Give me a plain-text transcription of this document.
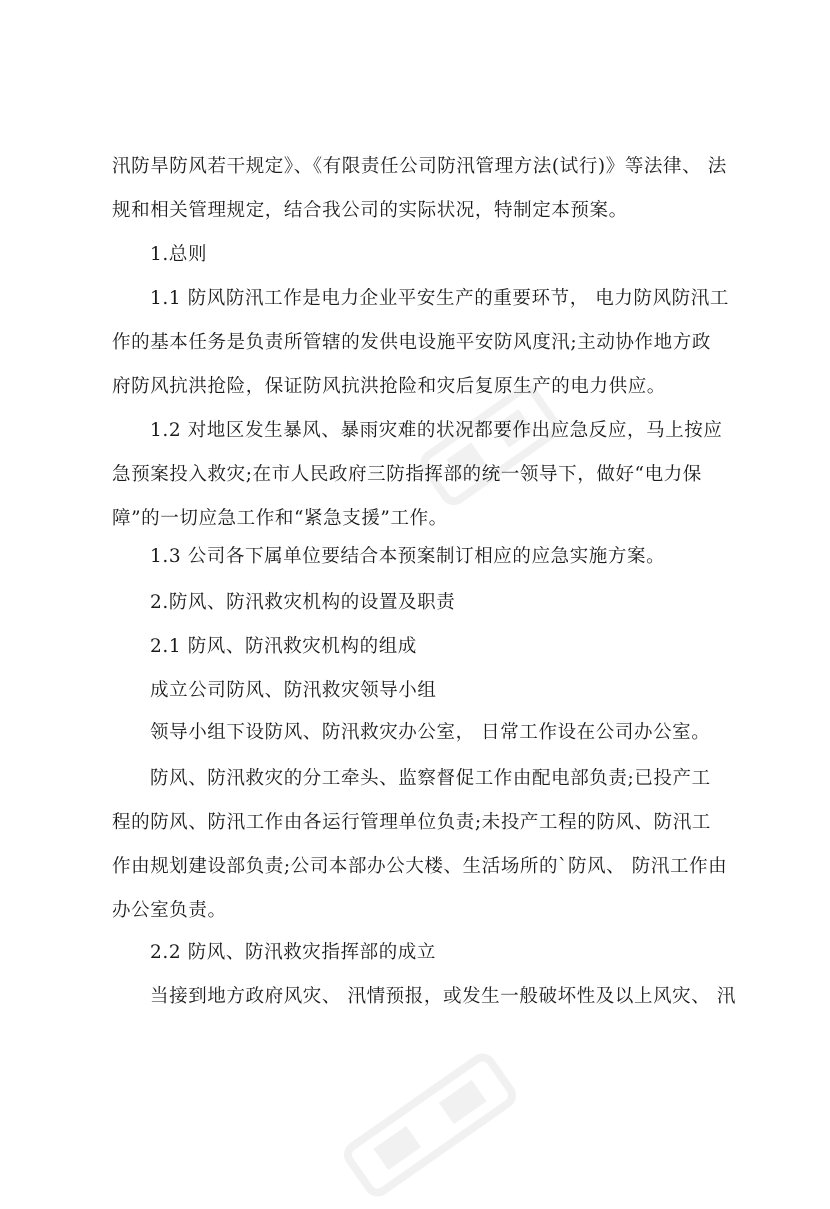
汛防旱防风若干规定》、《有限责任公司防汛管理方法(试行)》等法律、 法
规和相关管理规定，结合我公司的实际状况，特制定本预案。
1.总则
1.1 防风防汛工作是电力企业平安生产的重要环节， 电力防风防汛工
作的基本任务是负责所管辖的发供电设施平安防风度汛;主动协作地方政
府防风抗洪抢险，保证防风抗洪抢险和灾后复原生产的电力供应。
1.2 对地区发生暴风、暴雨灾难的状况都要作出应急反应，马上按应
急预案投入救灾;在市人民政府三防指挥部的统一领导下，做好“电力保
障”的一切应急工作和“紧急支援”工作。
1.3 公司各下属单位要结合本预案制订相应的应急实施方案。
2.防风、防汛救灾机构的设置及职责
2.1 防风、防汛救灾机构的组成
成立公司防风、防汛救灾领导小组
领导小组下设防风、防汛救灾办公室， 日常工作设在公司办公室。
防风、防汛救灾的分工牵头、监察督促工作由配电部负责;已投产工
程的防风、防汛工作由各运行管理单位负责;未投产工程的防风、防汛工
作由规划建设部负责;公司本部办公大楼、生活场所的`防风、 防汛工作由
办公室负责。
2.2 防风、防汛救灾指挥部的成立
当接到地方政府风灾、 汛情预报，或发生一般破坏性及以上风灾、 汛
